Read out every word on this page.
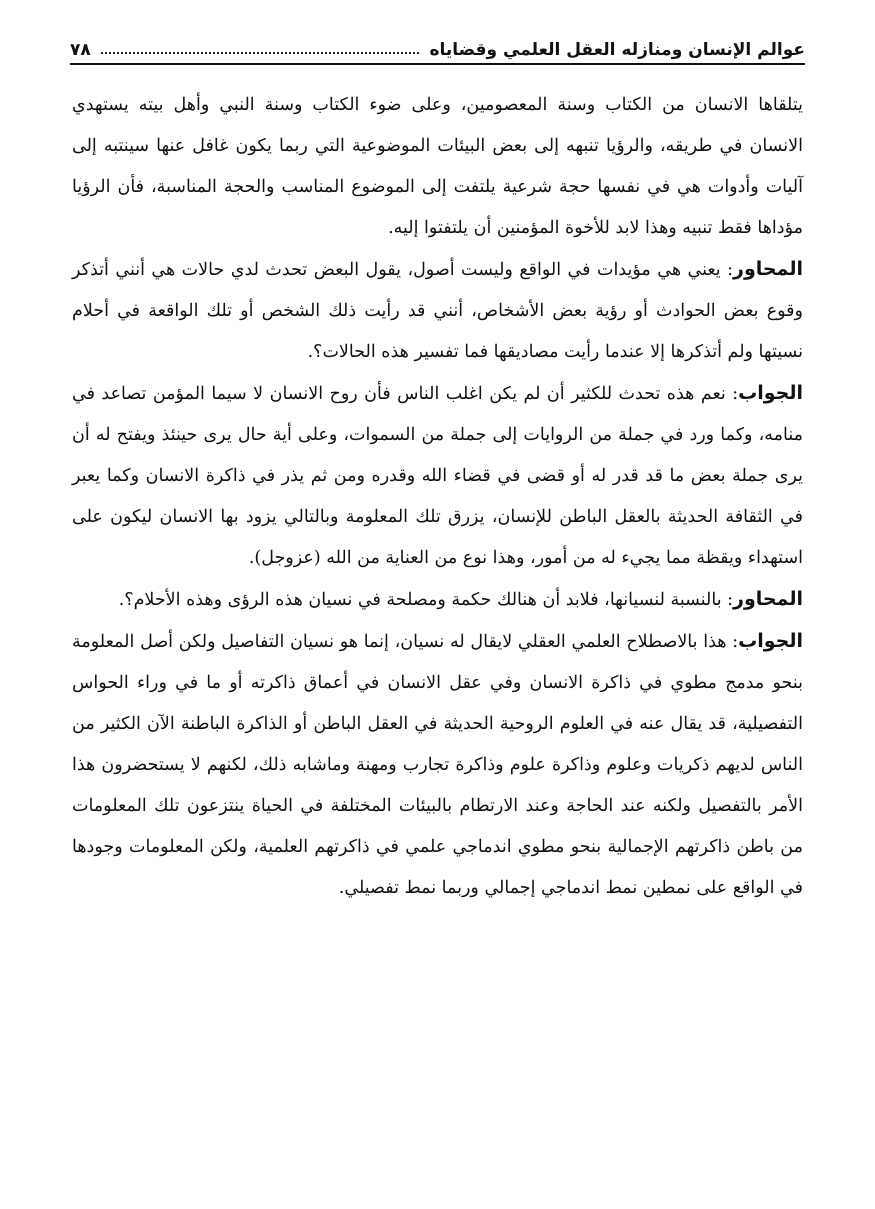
عوالم الإنسان ومنازله العقل العلمي وقضاياه
٧٨

يتلقاها الانسان من الكتاب وسنة المعصومين، وعلى ضوء الكتاب وسنة النبي وأهل بيته يستهدي الانسان في طريقه، والرؤيا تنبهه إلى بعض البيئات الموضوعية التي ربما يكون غافل عنها سينتبه إلى آليات وأدوات هي في نفسها حجة شرعية يلتفت إلى الموضوع المناسب والحجة المناسبة، فأن الرؤيا مؤداها فقط تنبيه وهذا لابد للأخوة المؤمنين أن يلتفتوا إليه.

المحاور: يعني هي مؤيدات في الواقع وليست أصول، يقول البعض تحدث لدي حالات هي أنني أتذكر وقوع بعض الحوادث أو رؤية بعض الأشخاص، أنني قد رأيت ذلك الشخص أو تلك الواقعة في أحلام نسيتها ولم أتذكرها إلا عندما رأيت مصاديقها فما تفسير هذه الحالات؟.

الجواب: نعم هذه تحدث للكثير أن لم يكن اغلب الناس فأن روح الانسان لا سيما المؤمن تصاعد في منامه، وكما ورد في جملة من الروايات إلى جملة من السموات، وعلى أية حال يرى حينئذ ويفتح له أن يرى جملة بعض ما قد قدر له أو قضى في قضاء الله وقدره ومن ثم يذر في ذاكرة الانسان وكما يعبر في الثقافة الحديثة بالعقل الباطن للإنسان، يزرق تلك المعلومة وبالتالي يزود بها الانسان ليكون على استهداء ويقظة مما يجيء له من أمور، وهذا نوع من العناية من الله (عزوجل).

المحاور: بالنسبة لنسيانها، فلابد أن هنالك حكمة ومصلحة في نسيان هذه الرؤى وهذه الأحلام؟.

الجواب: هذا بالاصطلاح العلمي العقلي لايقال له نسيان، إنما هو نسيان التفاصيل ولكن أصل المعلومة بنحو مدمج مطوي في ذاكرة الانسان وفي عقل الانسان في أعماق ذاكرته أو ما في وراء الحواس التفصيلية، قد يقال عنه في العلوم الروحية الحديثة في العقل الباطن أو الذاكرة الباطنة الآن الكثير من الناس لديهم ذكريات وعلوم وذاكرة علوم وذاكرة تجارب ومهنة وماشابه ذلك، لكنهم لا يستحضرون هذا الأمر بالتفصيل ولكنه عند الحاجة وعند الارتطام بالبيئات المختلفة في الحياة ينتزعون تلك المعلومات من باطن ذاكرتهم الإجمالية بنحو مطوي اندماجي علمي في ذاكرتهم العلمية، ولكن المعلومات وجودها في الواقع على نمطين نمط اندماجي إجمالي وربما نمط تفصيلي.
